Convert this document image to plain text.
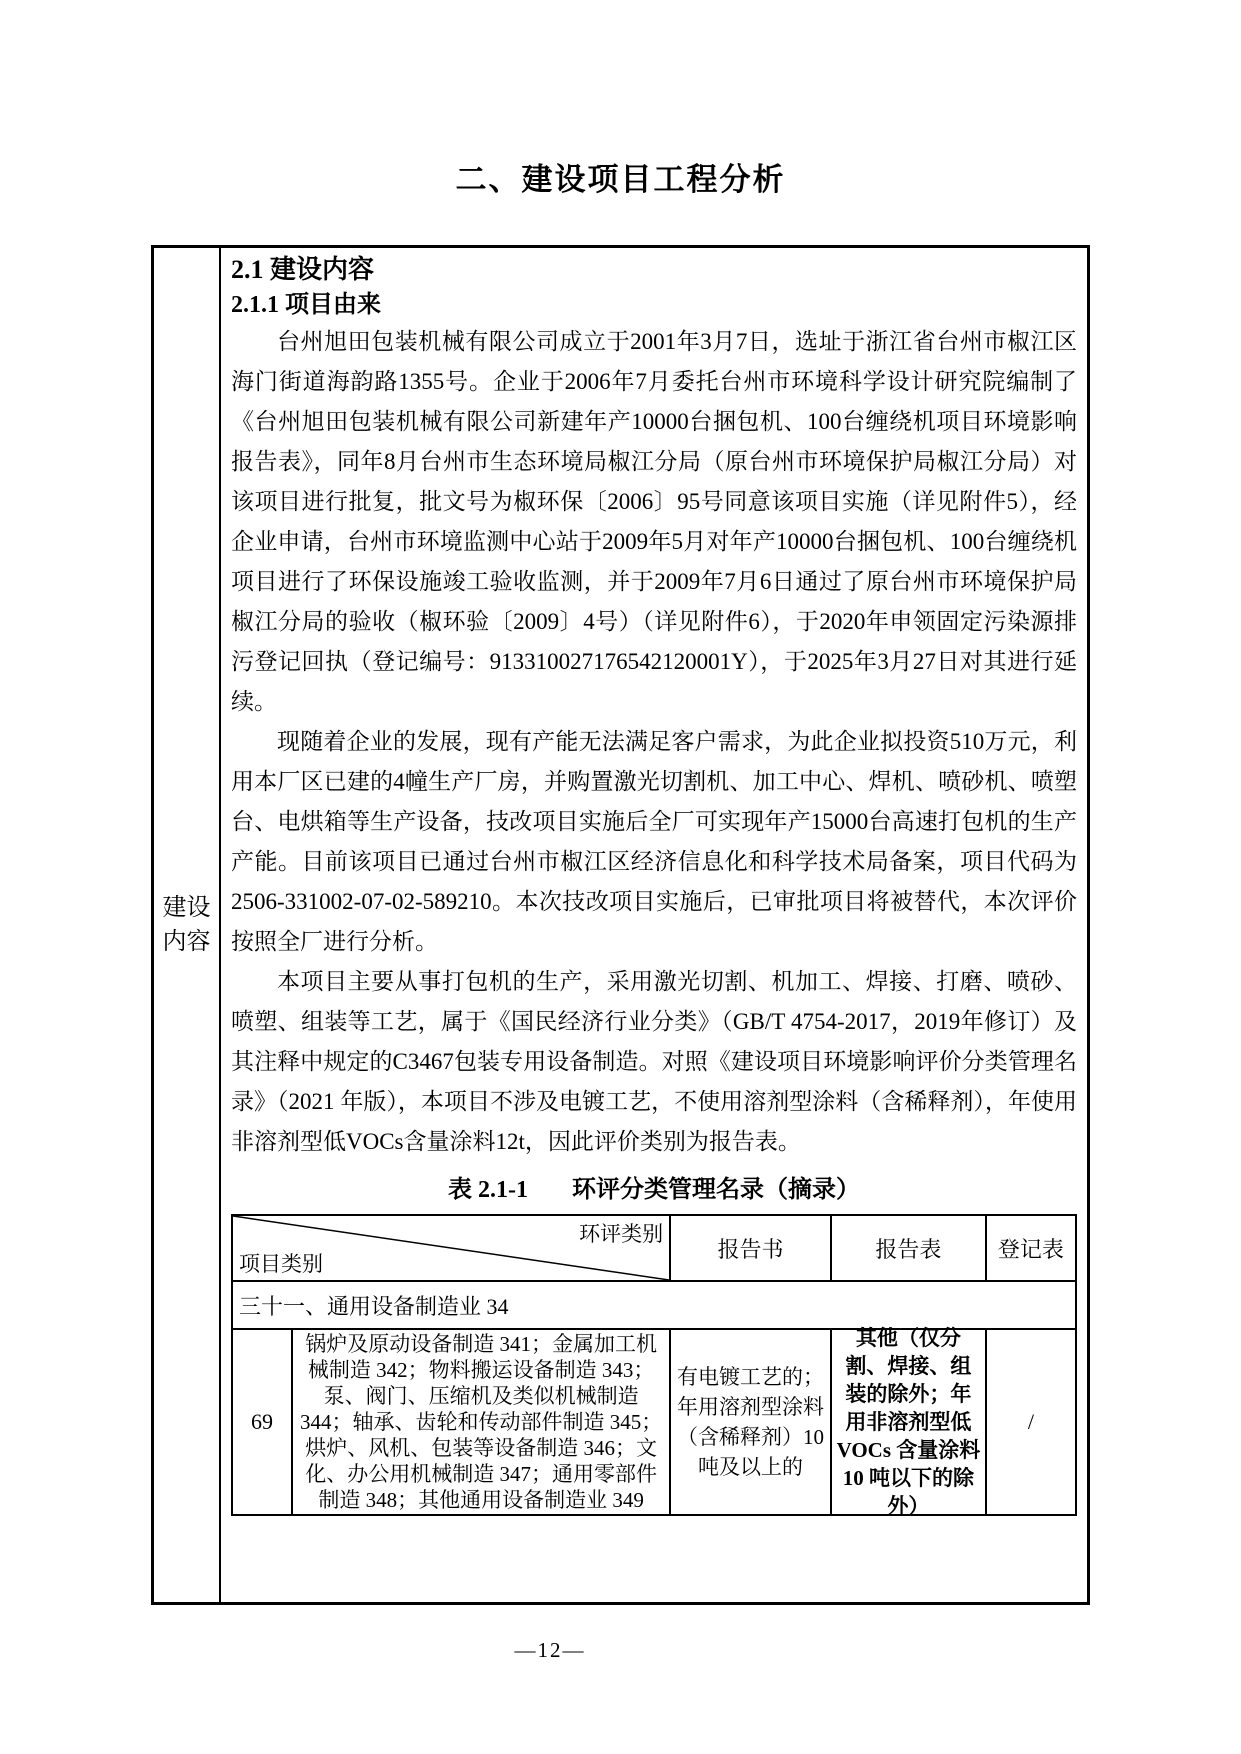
二、建设项目工程分析
建设
内容
2.1 建设内容
2.1.1 项目由来

台州旭田包装机械有限公司成立于2001年3月7日，选址于浙江省台州市椒江区海门街道海韵路1355号。企业于2006年7月委托台州市环境科学设计研究院编制了《台州旭田包装机械有限公司新建年产10000台捆包机、100台缠绕机项目环境影响报告表》，同年8月台州市生态环境局椒江分局（原台州市环境保护局椒江分局）对该项目进行批复，批文号为椒环保〔2006〕95号同意该项目实施（详见附件5），经企业申请，台州市环境监测中心站于2009年5月对年产10000台捆包机、100台缠绕机项目进行了环保设施竣工验收监测，并于2009年7月6日通过了原台州市环境保护局椒江分局的验收（椒环验〔2009〕4号）（详见附件6），于2020年申领固定污染源排污登记回执（登记编号：913310027176542120001Y），于2025年3月27日对其进行延续。

现随着企业的发展，现有产能无法满足客户需求，为此企业拟投资510万元，利用本厂区已建的4幢生产厂房，并购置激光切割机、加工中心、焊机、喷砂机、喷塑台、电烘箱等生产设备，技改项目实施后全厂可实现年产15000台高速打包机的生产产能。目前该项目已通过台州市椒江区经济信息化和科学技术局备案，项目代码为2506-331002-07-02-589210。本次技改项目实施后，已审批项目将被替代，本次评价按照全厂进行分析。

本项目主要从事打包机的生产，采用激光切割、机加工、焊接、打磨、喷砂、喷塑、组装等工艺，属于《国民经济行业分类》（GB/T 4754-2017，2019年修订）及其注释中规定的C3467包装专用设备制造。对照《建设项目环境影响评价分类管理名录》（2021 年版），本项目不涉及电镀工艺，不使用溶剂型涂料（含稀释剂），年使用非溶剂型低VOCs含量涂料12t，因此评价类别为报告表。

表 2.1-1 环评分类管理名录（摘录）
环评类别
项目类别
报告书	报告表	登记表
三十一、通用设备制造业 34
69
锅炉及原动设备制造 341；金属加工机械制造 342；物料搬运设备制造 343；泵、阀门、压缩机及类似机械制造 344；轴承、齿轮和传动部件制造 345；烘炉、风机、包装等设备制造 346；文化、办公用机械制造 347；通用零部件制造 348；其他通用设备制造业 349
有电镀工艺的；年用溶剂型涂料（含稀释剂）10 吨及以上的
其他（仅分割、焊接、组装的除外；年用非溶剂型低 VOCs 含量涂料 10 吨以下的除外）
/
—12—
